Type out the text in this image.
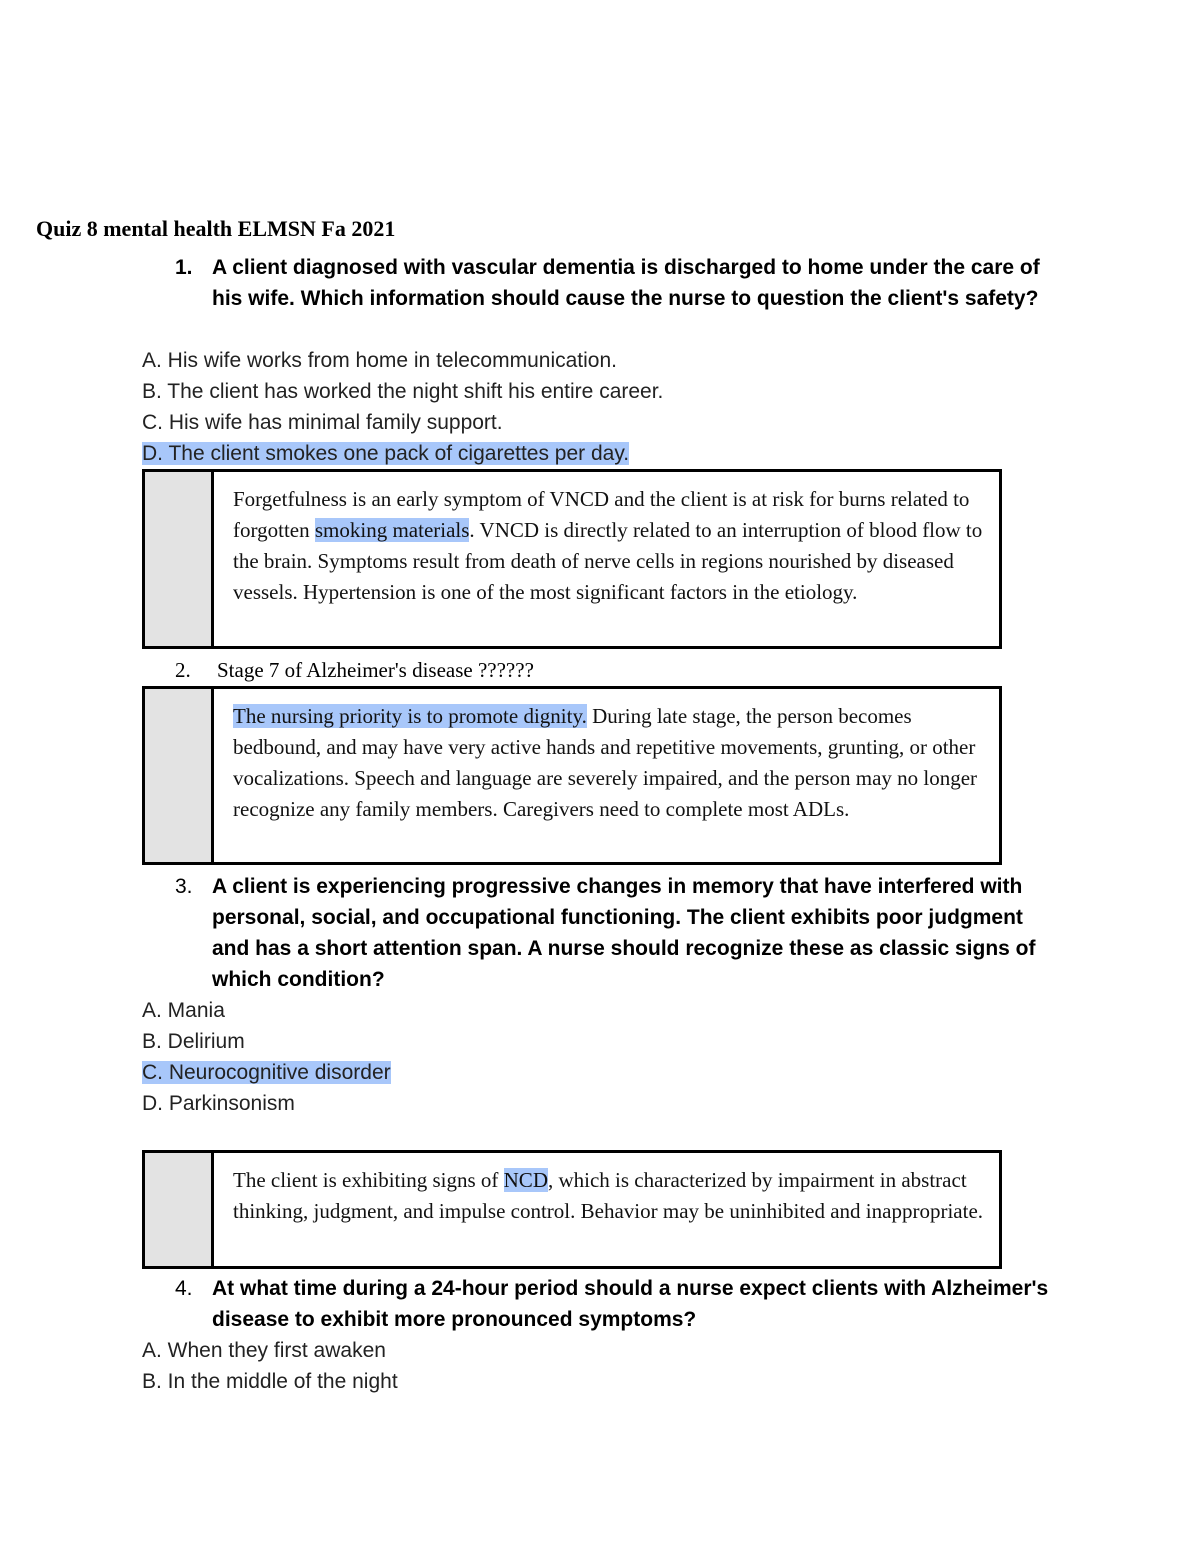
Quiz 8 mental health ELMSN Fa 2021
1. A client diagnosed with vascular dementia is discharged to home under the care of his wife. Which information should cause the nurse to question the client's safety?
A. His wife works from home in telecommunication.
B. The client has worked the night shift his entire career.
C. His wife has minimal family support.
D. The client smokes one pack of cigarettes per day.
Forgetfulness is an early symptom of VNCD and the client is at risk for burns related to forgotten smoking materials. VNCD is directly related to an interruption of blood flow to the brain. Symptoms result from death of nerve cells in regions nourished by diseased vessels. Hypertension is one of the most significant factors in the etiology.
2. Stage 7 of Alzheimer's disease ??????
The nursing priority is to promote dignity. During late stage, the person becomes bedbound, and may have very active hands and repetitive movements, grunting, or other vocalizations. Speech and language are severely impaired, and the person may no longer recognize any family members. Caregivers need to complete most ADLs.
3. A client is experiencing progressive changes in memory that have interfered with personal, social, and occupational functioning. The client exhibits poor judgment and has a short attention span. A nurse should recognize these as classic signs of which condition?
A. Mania
B. Delirium
C. Neurocognitive disorder
D. Parkinsonism
The client is exhibiting signs of NCD, which is characterized by impairment in abstract thinking, judgment, and impulse control. Behavior may be uninhibited and inappropriate.
4. At what time during a 24-hour period should a nurse expect clients with Alzheimer's disease to exhibit more pronounced symptoms?
A. When they first awaken
B. In the middle of the night
